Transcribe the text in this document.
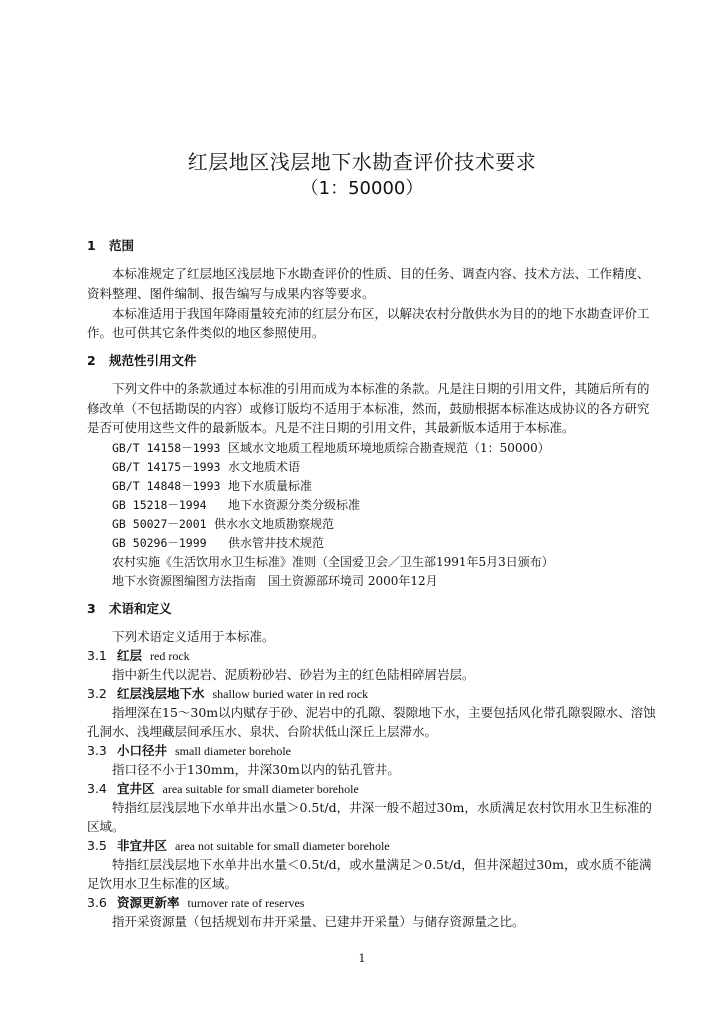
红层地区浅层地下水勘查评价技术要求
（1：50000）
1 范围
本标准规定了红层地区浅层地下水勘查评价的性质、目的任务、调查内容、技术方法、工作精度、
资料整理、图件编制、报告编写与成果内容等要求。
本标准适用于我国年降雨量较充沛的红层分布区，以解决农村分散供水为目的的地下水勘查评价工
作。也可供其它条件类似的地区参照使用。
2 规范性引用文件
下列文件中的条款通过本标准的引用而成为本标准的条款。凡是注日期的引用文件，其随后所有的
修改单（不包括勘误的内容）或修订版均不适用于本标准，然而，鼓励根据本标准达成协议的各方研究
是否可使用这些文件的最新版本。凡是不注日期的引用文件，其最新版本适用于本标准。
GB/T 14158－1993 区域水文地质工程地质环境地质综合勘查规范（1：50000）
GB/T 14175－1993 水文地质术语
GB/T 14848－1993 地下水质量标准
GB 15218－1994 地下水资源分类分级标准
GB 50027－2001 供水水文地质勘察规范
GB 50296－1999 供水管井技术规范
农村实施《生活饮用水卫生标准》准则（全国爱卫会／卫生部1991年5月3日颁布）
地下水资源图编图方法指南　国土资源部环境司 2000年12月
3 术语和定义
下列术语定义适用于本标准。
3.1 红层 red rock
指中新生代以泥岩、泥质粉砂岩、砂岩为主的红色陆相碎屑岩层。
3.2 红层浅层地下水 shallow buried water in red rock
指埋深在15～30m以内赋存于砂、泥岩中的孔隙、裂隙地下水，主要包括风化带孔隙裂隙水、溶蚀
孔洞水、浅埋藏层间承压水、泉状、台阶状低山深丘上层滞水。
3.3 小口径井 small diameter borehole
指口径不小于130mm，井深30m以内的钻孔管井。
3.4 宜井区 area suitable for small diameter borehole
特指红层浅层地下水单井出水量＞0.5t/d，井深一般不超过30m，水质满足农村饮用水卫生标准的
区域。
3.5 非宜井区 area not suitable for small diameter borehole
特指红层浅层地下水单井出水量＜0.5t/d，或水量满足＞0.5t/d，但井深超过30m，或水质不能满
足饮用水卫生标准的区域。
3.6 资源更新率 turnover rate of reserves
指开采资源量（包括规划布井开采量、已建井开采量）与储存资源量之比。
1
